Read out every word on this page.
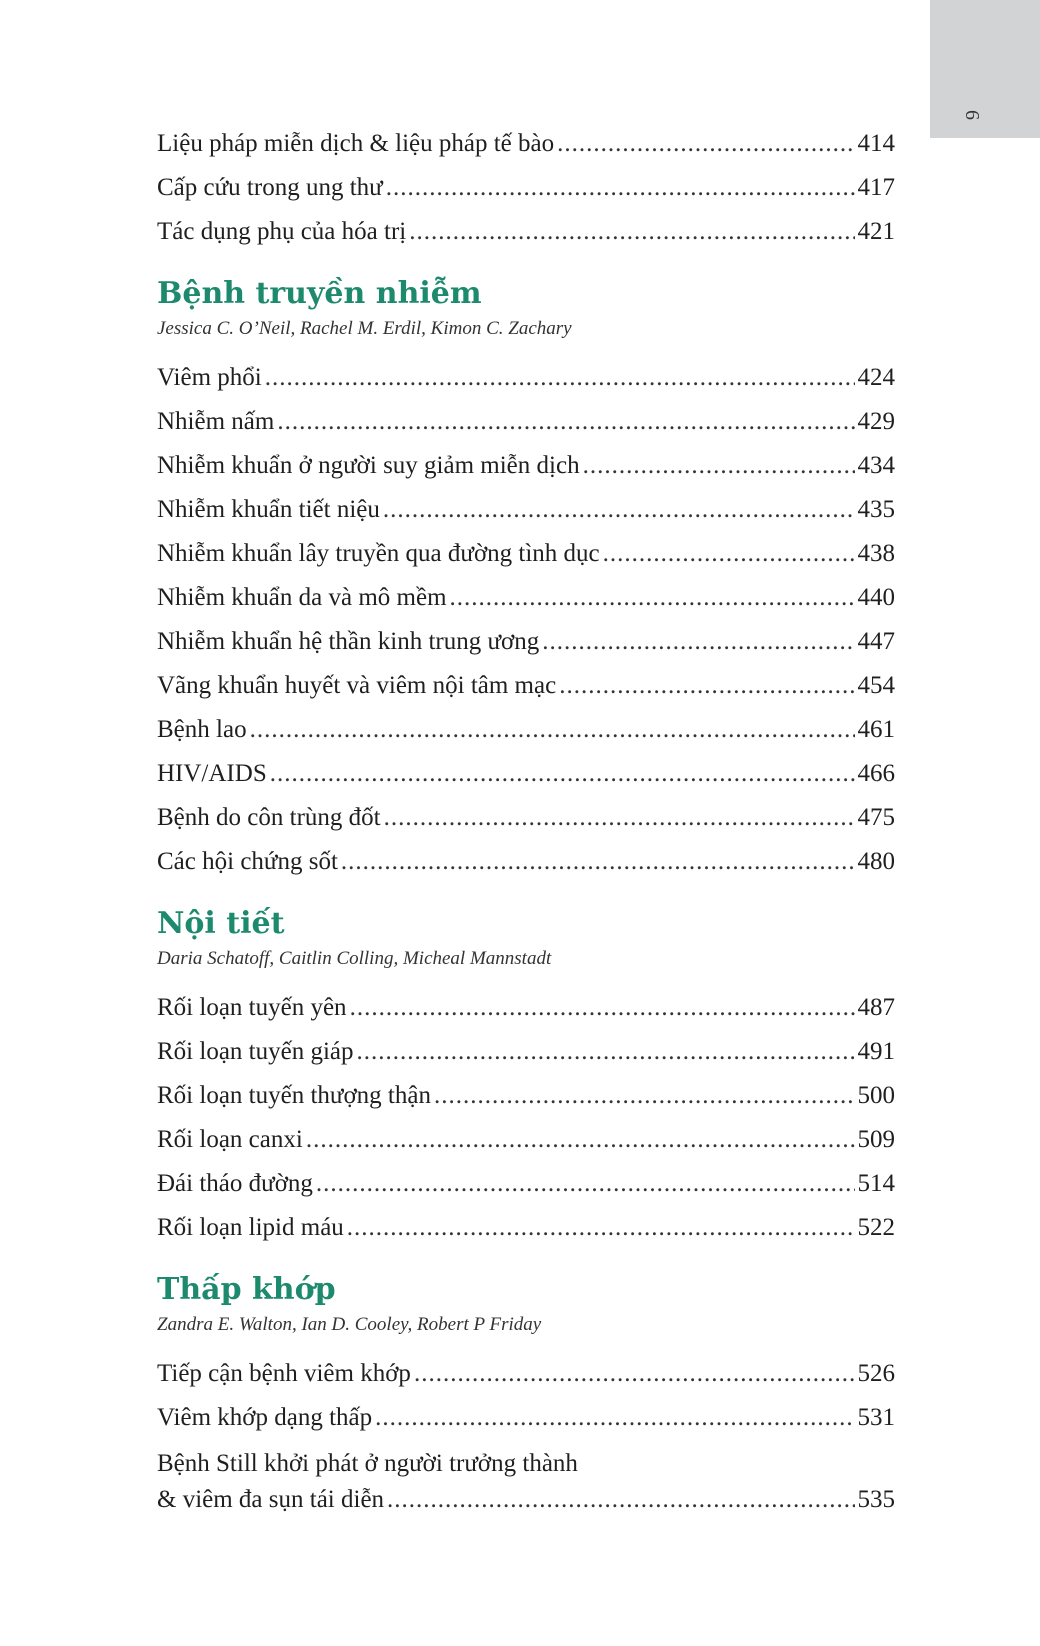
6
Liệu pháp miễn dịch & liệu pháp tế bào .....	414
Cấp cứu trong ung thư .....	417
Tác dụng phụ của hóa trị .....	421
Bệnh truyền nhiễm
Jessica C. O’Neil, Rachel M. Erdil, Kimon C. Zachary
Viêm phổi .....	424
Nhiễm nấm .....	429
Nhiễm khuẩn ở người suy giảm miễn dịch .....	434
Nhiễm khuẩn tiết niệu .....	435
Nhiễm khuẩn lây truyền qua đường tình dục .....	438
Nhiễm khuẩn da và mô mềm .....	440
Nhiễm khuẩn hệ thần kinh trung ương .....	447
Vãng khuẩn huyết và viêm nội tâm mạc .....	454
Bệnh lao .....	461
HIV/AIDS .....	466
Bệnh do côn trùng đốt .....	475
Các hội chứng sốt .....	480
Nội tiết
Daria Schatoff, Caitlin Colling, Micheal Mannstadt
Rối loạn tuyến yên .....	487
Rối loạn tuyến giáp .....	491
Rối loạn tuyến thượng thận .....	500
Rối loạn canxi .....	509
Đái tháo đường .....	514
Rối loạn lipid máu .....	522
Thấp khớp
Zandra E. Walton, Ian D. Cooley, Robert P Friday
Tiếp cận bệnh viêm khớp .....	526
Viêm khớp dạng thấp .....	531
Bệnh Still khởi phát ở người trưởng thành
& viêm đa sụn tái diễn .....	535
